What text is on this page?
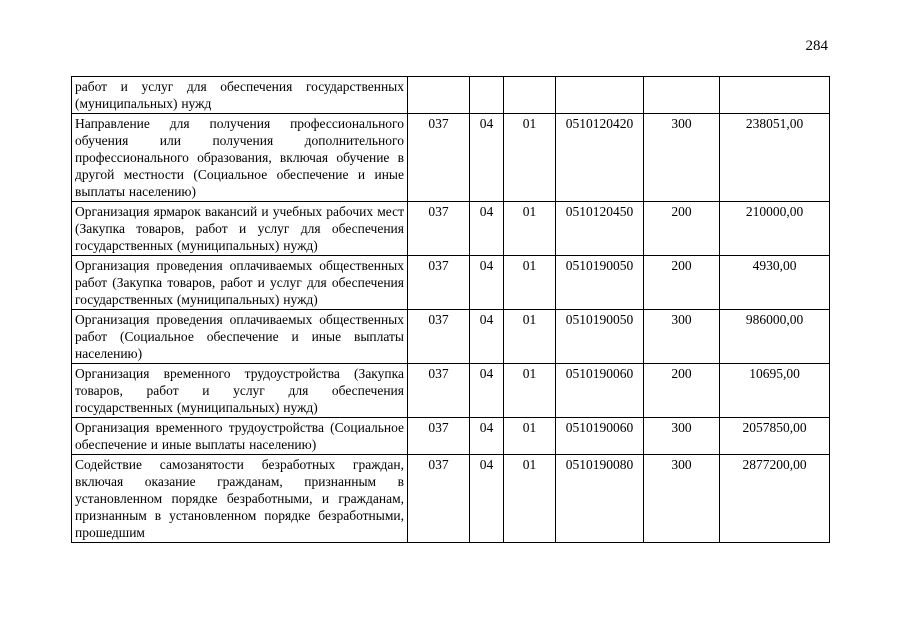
284
работ и услуг для обеспечения государственных (муниципальных) нужд						
Направление для получения профессионального обучения или получения дополнительного профессионального образования, включая обучение в другой местности (Социальное обеспечение и иные выплаты населению)	037	04	01	0510120420	300	238051,00
Организация ярмарок вакансий и учебных рабочих мест (Закупка товаров, работ и услуг для обеспечения государственных (муниципальных) нужд)	037	04	01	0510120450	200	210000,00
Организация проведения оплачиваемых общественных работ (Закупка товаров, работ и услуг для обеспечения государственных (муниципальных) нужд)	037	04	01	0510190050	200	4930,00
Организация проведения оплачиваемых общественных работ (Социальное обеспечение и иные выплаты населению)	037	04	01	0510190050	300	986000,00
Организация временного трудоустройства (Закупка товаров, работ и услуг для обеспечения государственных (муниципальных) нужд)	037	04	01	0510190060	200	10695,00
Организация временного трудоустройства (Социальное обеспечение и иные выплаты населению)	037	04	01	0510190060	300	2057850,00
Содействие самозанятости безработных граждан, включая оказание гражданам, признанным в установленном порядке безработными, и гражданам, признанным в установленном порядке безработными, прошедшим	037	04	01	0510190080	300	2877200,00
